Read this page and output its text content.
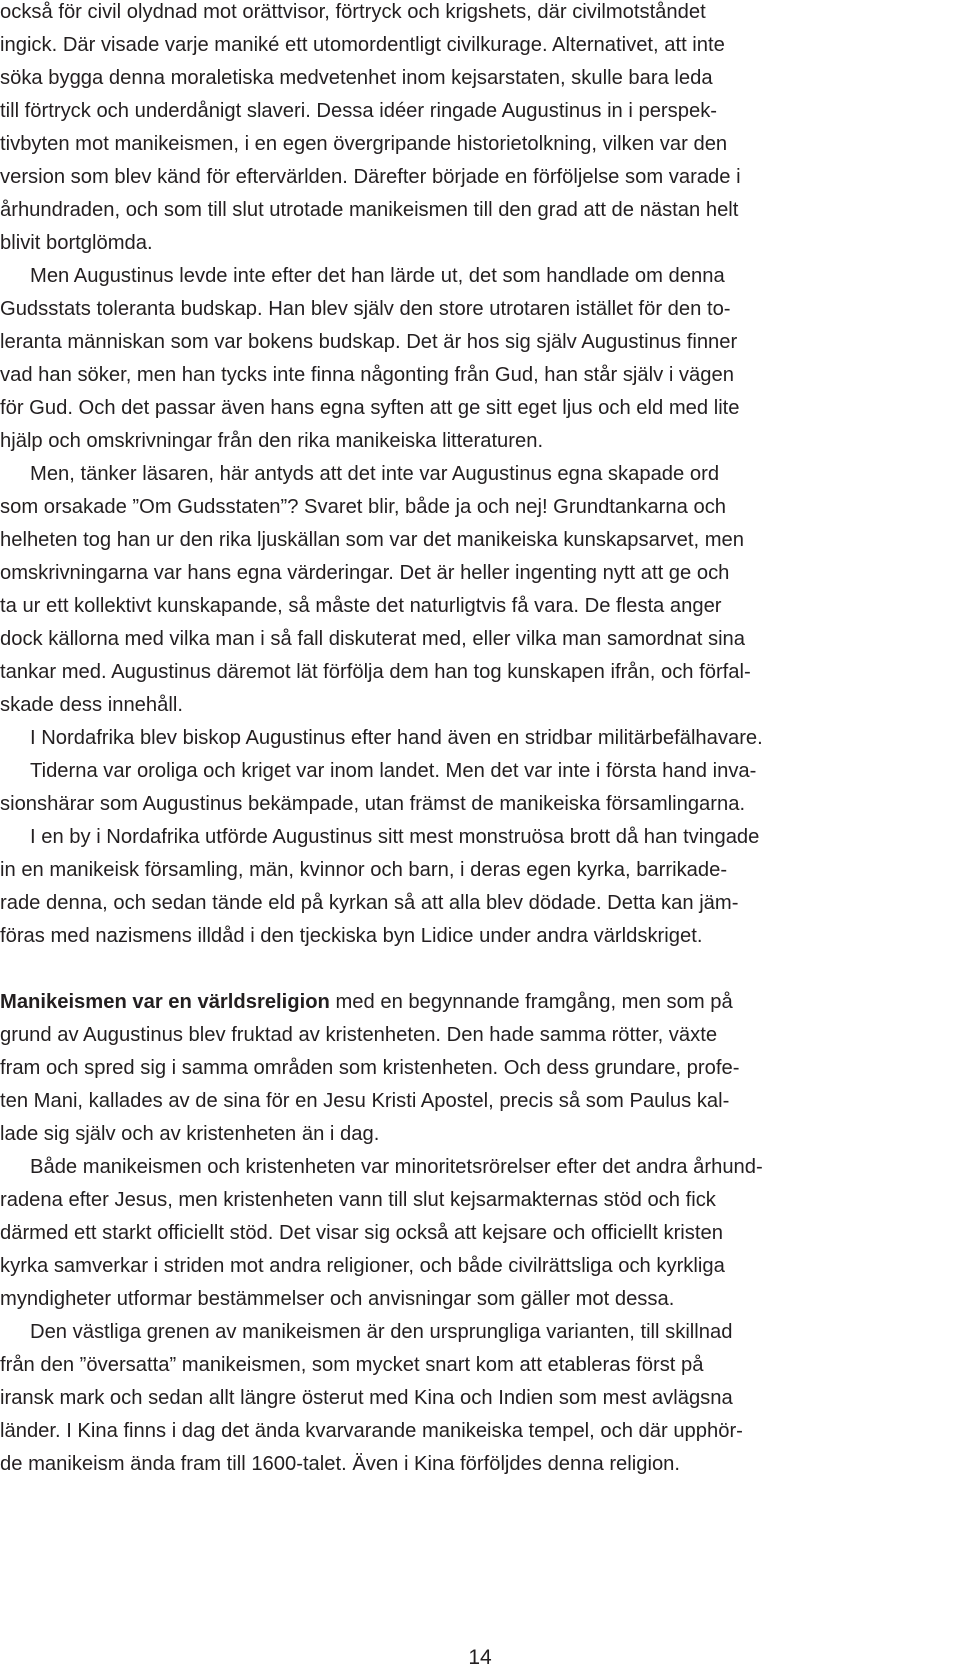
också för civil olydnad mot orättvisor, förtryck och krigshets, där civilmotståndet
ingick. Där visade varje maniké ett utomordentligt civilkurage. Alternativet, att inte
söka bygga denna moraletiska medvetenhet inom kejsarstaten, skulle bara leda
till förtryck och underdånigt slaveri. Dessa idéer ringade Augustinus in i perspek-
tivbyten mot manikeismen, i en egen övergripande historietolkning, vilken var den
version som blev känd för eftervärlden. Därefter började en förföljelse som varade i
århundraden, och som till slut utrotade manikeismen till den grad att de nästan helt
blivit bortglömda.
Men Augustinus levde inte efter det han lärde ut, det som handlade om denna
Gudsstats toleranta budskap. Han blev själv den store utrotaren istället för den to-
leranta människan som var bokens budskap. Det är hos sig själv Augustinus finner
vad han söker, men han tycks inte finna någonting från Gud, han står själv i vägen
för Gud. Och det passar även hans egna syften att ge sitt eget ljus och eld med lite
hjälp och omskrivningar från den rika manikeiska litteraturen.
Men, tänker läsaren, här antyds att det inte var Augustinus egna skapade ord
som orsakade ”Om Gudsstaten”? Svaret blir, både ja och nej! Grundtankarna och
helheten tog han ur den rika ljuskällan som var det manikeiska kunskapsarvet, men
omskrivningarna var hans egna värderingar. Det är heller ingenting nytt att ge och
ta ur ett kollektivt kunskapande, så måste det naturligtvis få vara. De flesta anger
dock källorna med vilka man i så fall diskuterat med, eller vilka man samordnat sina
tankar med. Augustinus däremot lät förfölja dem han tog kunskapen ifrån, och förfal-
skade dess innehåll.
I Nordafrika blev biskop Augustinus efter hand även en stridbar militärbefälhavare.
Tiderna var oroliga och kriget var inom landet. Men det var inte i första hand inva-
sionshärar som Augustinus bekämpade, utan främst de manikeiska församlingarna.
I en by i Nordafrika utförde Augustinus sitt mest monstruösa brott då han tvingade
in en manikeisk församling, män, kvinnor och barn, i deras egen kyrka, barrikade-
rade denna, och sedan tände eld på kyrkan så att alla blev dödade. Detta kan jäm-
föras med nazismens illdåd i den tjeckiska byn Lidice under andra världskriget.
Manikeismen var en världsreligion med en begynnande framgång, men som på
grund av Augustinus blev fruktad av kristenheten. Den hade samma rötter, växte
fram och spred sig i samma områden som kristenheten. Och dess grundare, profe-
ten Mani, kallades av de sina för en Jesu Kristi Apostel, precis så som Paulus kal-
lade sig själv och av kristenheten än i dag.
Både manikeismen och kristenheten var minoritetsrörelser efter det andra århund-
radena efter Jesus, men kristenheten vann till slut kejsarmakternas stöd och fick
därmed ett starkt officiellt stöd. Det visar sig också att kejsare och officiellt kristen
kyrka samverkar i striden mot andra religioner, och både civilrättsliga och kyrkliga
myndigheter utformar bestämmelser och anvisningar som gäller mot dessa.
Den västliga grenen av manikeismen är den ursprungliga varianten, till skillnad
från den ”översatta” manikeismen, som mycket snart kom att etableras först på
iransk mark och sedan allt längre österut med Kina och Indien som mest avlägsna
länder. I Kina finns i dag det ända kvarvarande manikeiska tempel, och där upphör-
de manikeism ända fram till 1600-talet. Även i Kina förföljdes denna religion.
14
